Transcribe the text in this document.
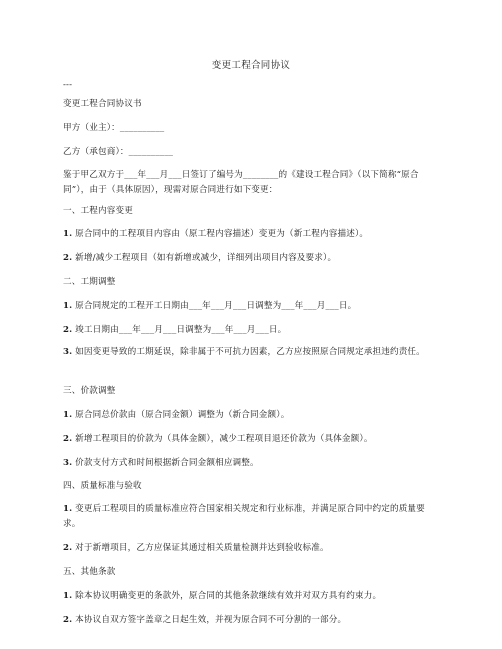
变更工程合同协议
---
变更工程合同协议书
甲方（业主）：__________
乙方（承包商）：__________
鉴于甲乙双方于___年___月___日签订了编号为________的《建设工程合同》（以下简称“原合同”），由于（具体原因），现需对原合同进行如下变更：
一、工程内容变更
1. 原合同中的工程项目内容由（原工程内容描述）变更为（新工程内容描述）。
2. 新增/减少工程项目（如有新增或减少，详细列出项目内容及要求）。
二、工期调整
1. 原合同规定的工程开工日期由___年___月___日调整为___年___月___日。
2. 竣工日期由___年___月___日调整为___年___月___日。
3. 如因变更导致的工期延误，除非属于不可抗力因素，乙方应按照原合同规定承担违约责任。
三、价款调整
1. 原合同总价款由（原合同金额）调整为（新合同金额）。
2. 新增工程项目的价款为（具体金额），减少工程项目退还价款为（具体金额）。
3. 价款支付方式和时间根据新合同金额相应调整。
四、质量标准与验收
1. 变更后工程项目的质量标准应符合国家相关规定和行业标准，并满足原合同中约定的质量要求。
2. 对于新增项目，乙方应保证其通过相关质量检测并达到验收标准。
五、其他条款
1. 除本协议明确变更的条款外，原合同的其他条款继续有效并对双方具有约束力。
2. 本协议自双方签字盖章之日起生效，并视为原合同不可分割的一部分。
